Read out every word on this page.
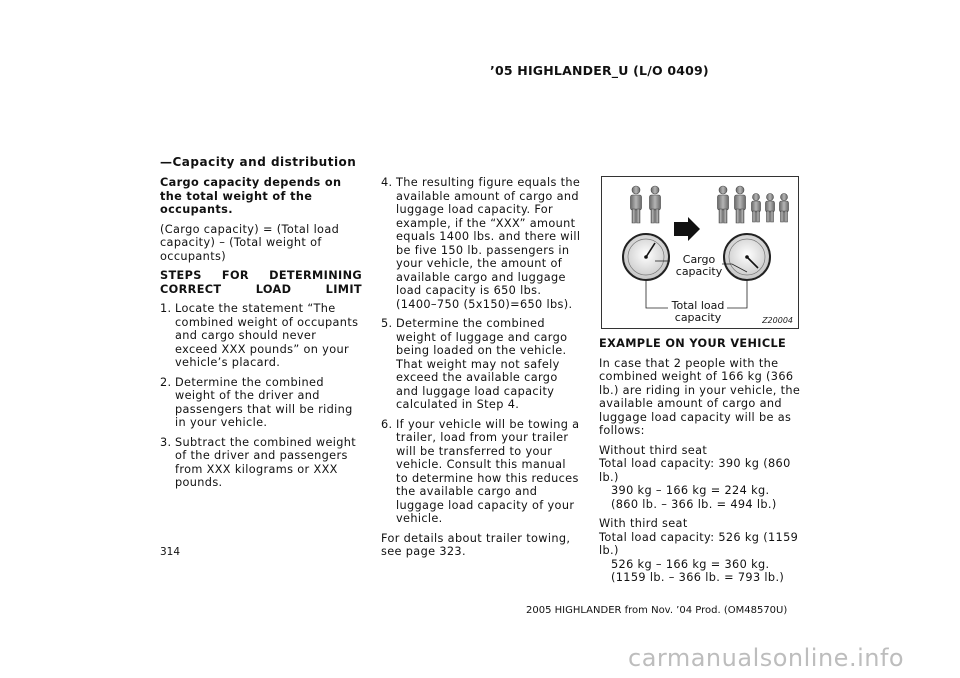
’05 HIGHLANDER_U (L/O 0409)
—Capacity and distribution

Cargo capacity depends on the total weight of the occupants.

(Cargo capacity) = (Total load capacity) – (Total weight of occupants)

STEPS FOR DETERMINING CORRECT LOAD LIMIT

1. Locate the statement “The combined weight of occupants and cargo should never exceed XXX pounds” on your vehicle’s placard.
2. Determine the combined weight of the driver and passengers that will be riding in your vehicle.
3. Subtract the combined weight of the driver and passengers from XXX kilograms or XXX pounds.
4. The resulting figure equals the available amount of cargo and luggage load capacity. For example, if the “XXX” amount equals 1400 lbs. and there will be five 150 lb. passengers in your vehicle, the amount of available cargo and luggage load capacity is 650 lbs. (1400–750 (5x150)=650 lbs).
5. Determine the combined weight of luggage and cargo being loaded on the vehicle. That weight may not safely exceed the available cargo and luggage load capacity calculated in Step 4.
6. If your vehicle will be towing a trailer, load from your trailer will be transferred to your vehicle. Consult this manual to determine how this reduces the available cargo and luggage load capacity of your vehicle.

For details about trailer towing, see page 323.

Cargo capacity
Total load capacity	Z20004

EXAMPLE ON YOUR VEHICLE

In case that 2 people with the combined weight of 166 kg (366 lb.) are riding in your vehicle, the available amount of cargo and luggage load capacity will be as follows:

Without third seat
Total load capacity: 390 kg (860 lb.)
390 kg – 166 kg = 224 kg.
(860 lb. – 366 lb. = 494 lb.)
With third seat
Total load capacity: 526 kg (1159 lb.)
526 kg – 166 kg = 360 kg.
(1159 lb. – 366 lb. = 793 lb.)
314
2005 HIGHLANDER from Nov. ’04 Prod. (OM48570U)
carmanualsonline.info
